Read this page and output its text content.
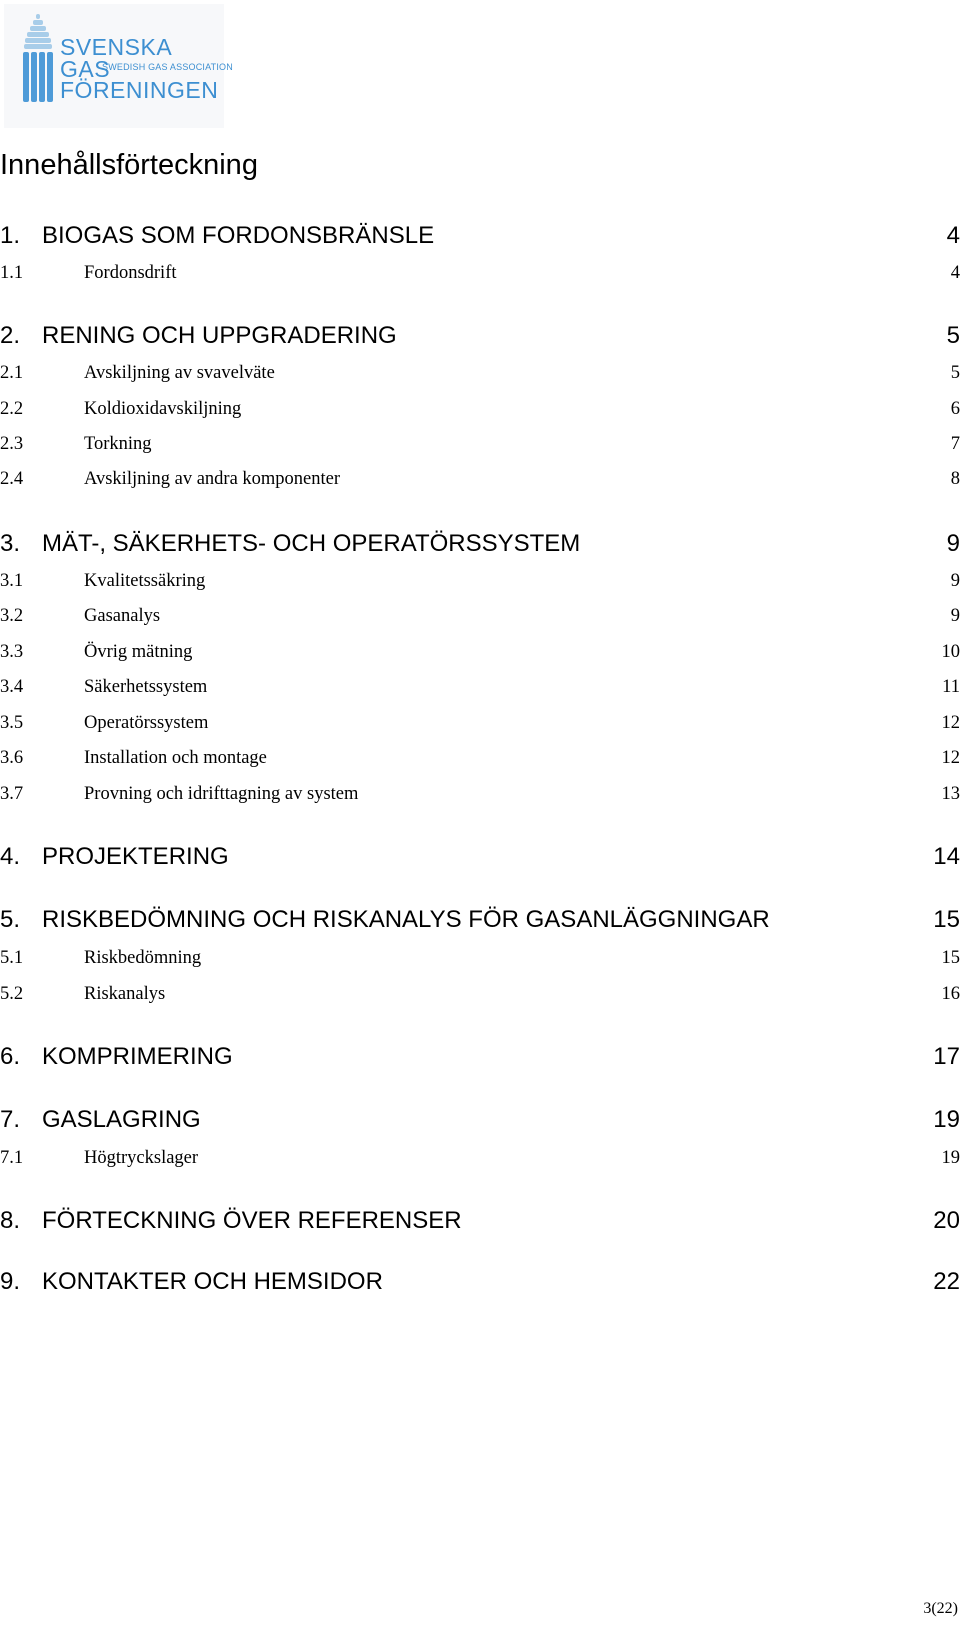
SVENSKA
GAS
SWEDISH GAS ASSOCIATION
FÖRENINGEN
Innehållsförteckning
1. BIOGAS SOM FORDONSBRÄNSLE	4
1.1	Fordonsdrift	4
2. RENING OCH UPPGRADERING	5
2.1	Avskiljning av svavelväte	5
2.2	Koldioxidavskiljning	6
2.3	Torkning	7
2.4	Avskiljning av andra komponenter	8
3. MÄT-, SÄKERHETS- OCH OPERATÖRSSYSTEM	9
3.1	Kvalitetssäkring	9
3.2	Gasanalys	9
3.3	Övrig mätning	10
3.4	Säkerhetssystem	11
3.5	Operatörssystem	12
3.6	Installation och montage	12
3.7	Provning och idrifttagning av system	13
4. PROJEKTERING	14
5. RISKBEDÖMNING OCH RISKANALYS FÖR GASANLÄGGNINGAR	15
5.1	Riskbedömning	15
5.2	Riskanalys	16
6. KOMPRIMERING	17
7. GASLAGRING	19
7.1	Högtryckslager	19
8. FÖRTECKNING ÖVER REFERENSER	20
9. KONTAKTER OCH HEMSIDOR	22
3(22)
